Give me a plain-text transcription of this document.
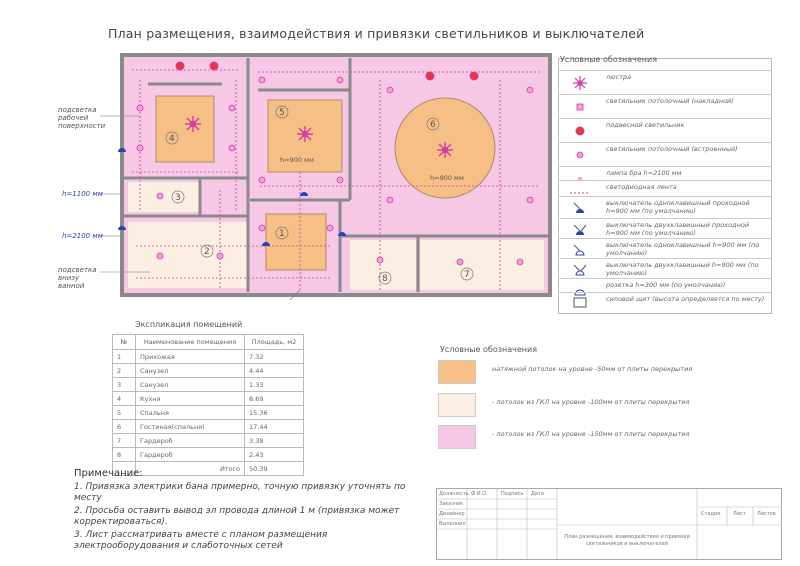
План размещения, взаимодействия и привязки светильников и выключателей
1
2
3
4
5
6
7
8
h=900 мм
h=900 мм
подсветка рабочей поверхности
h=1100 мм
h=2100 мм
подсветка внизу ванной
Условные обозначения
люстра
светильник потолочный (накладной)
подвесной светильник
светильник потолочный (встроенный)
лампа бра h=2100 мм
светодиодная лента
выключатель одноклавишный проходной h=900 мм (по умолчанию)
выключатель двухклавишный проходной h=900 мм (по умолчанию)
выключатель одноклавишный h=900 мм (по умолчанию)
выключатель двухклавишный h=900 мм (по умолчанию)
розетка h=300 мм (по умолчанию)
силовой щит (высота определяется по месту)
Экспликация помещений
№	Наименование помещения	Площадь, м2
1	Прихожая	7.32
2	Санузел	4.44
3	Санузел	1.33
4	Кухня	8.69
5	Спальня	15.36
6	Гостиная(спальня)	17.44
7	Гардероб	3.38
8	Гардероб	2.43
	Итого	50.39
Условные обозначения
натяжной потолок на уровне -50мм от плиты перекрытия
- потолок из ГКЛ на уровне -100мм от плиты перекрытия
- потолок из ГКЛ на уровне -150мм от плиты перекрытия
Примечание:
1. Привязка электрики бана примерно, точную привязку уточнять по месту
2. Просьба оставить вывод эл провода длиной 1 м (привязка может корректироваться).
3. Лист рассматривать вместе с планом размещения электрооборудования и слаботочных сетей
Должность Ф.И.О.	Подпись Дата
Заказчик
Дизайнер
Выполнил
Стадия	Лист Листов
План размещения, взаимодействия и привязки светильников и выключателей
